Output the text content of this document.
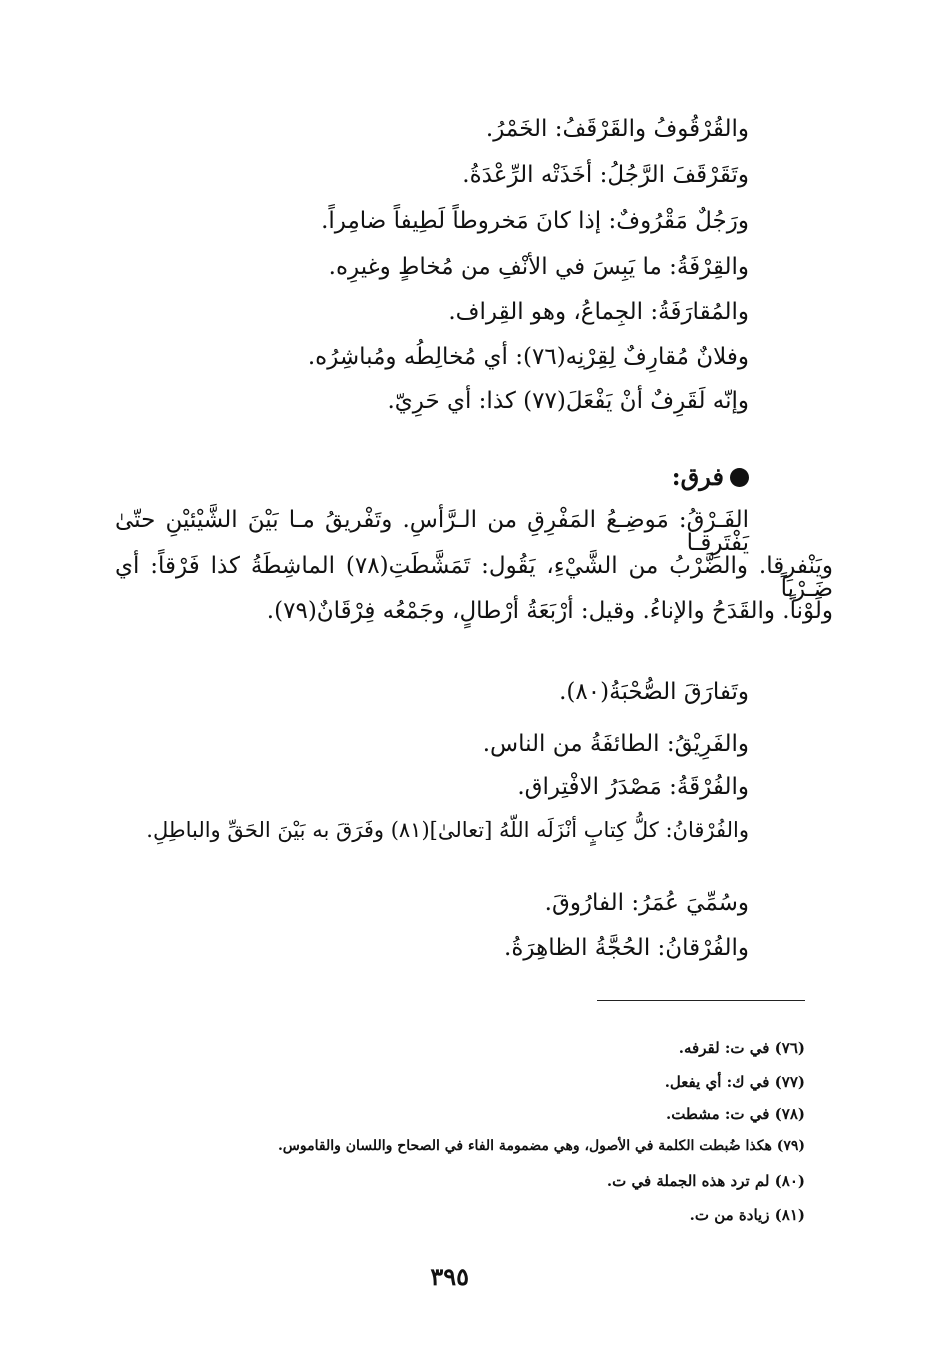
والقُرْقُوفُ والقَرْقَفُ: الخَمْرُ.
وتَقَرْقَفَ الرَّجُلُ: أخَذَتْه الرِّعْدَةُ.
ورَجُلٌ مَقْرُوفٌ: إذا كانَ مَخروطاً لَطِيفاً ضامِراً.
والقِرْفَةُ: ما يَبِسَ في الأنْفِ من مُخاطٍ وغيرِه.
والمُقارَفَةُ: الجِماعُ، وهو القِراف.
وفلانٌ مُقارِفٌ لِقِرْنِه(٧٦): أي مُخالِطُه ومُباشِرُه.
وإنّه لَقَرِفٌ أنْ يَفْعَلَ(٧٧) كذا: أي حَرِيّ.
فرق:
الفَـرْقُ: مَوضِـعُ المَفْرِقِ من الـرَّأسِ. وتَفْريقُ مـا بَيْنَ الشَّيْئيْنِ حتّىٰ يَفْتَرِقـا
ويَنْفرِقا. والضَّرْبُ من الشَّيْءِ، يَقُول: تَمَشَّطَتِ(٧٨) الماشِطَةُ كذا فَرْقاً: أي ضَـرْباً
ولَوْناً. والقَدَحُ والإناءُ. وقيل: أرْبَعَةُ أرْطالٍ، وجَمْعُه فِرْقَانٌ(٧٩).
وتَفارَقَ الصُّحْبَةُ(٨٠).
والفَرِيْقُ: الطائفَةُ من الناس.
والفُرْقَةُ: مَصْدَرُ الافْتِراق.
والفُرْقانُ: كلُّ كِتابٍ أنْزَلَه اللّهُ [تعالىٰ](٨١) وفَرَقَ به بَيْنَ الحَقِّ والباطِلِ.
وسُمِّيَ عُمَرُ: الفارُوقَ.
والفُرْقانُ: الحُجَّةُ الظاهِرَةُ.
(٧٦) في ت: لقرفه.
(٧٧) في ك: أي يفعل.
(٧٨) في ت: مشطت.
(٧٩) هكذا ضُبطت الكلمة في الأصول، وهي مضمومة الفاء في الصحاح واللسان والقاموس.
(٨٠) لم ترد هذه الجملة في ت.
(٨١) زيادة من ت.
٣٩٥
